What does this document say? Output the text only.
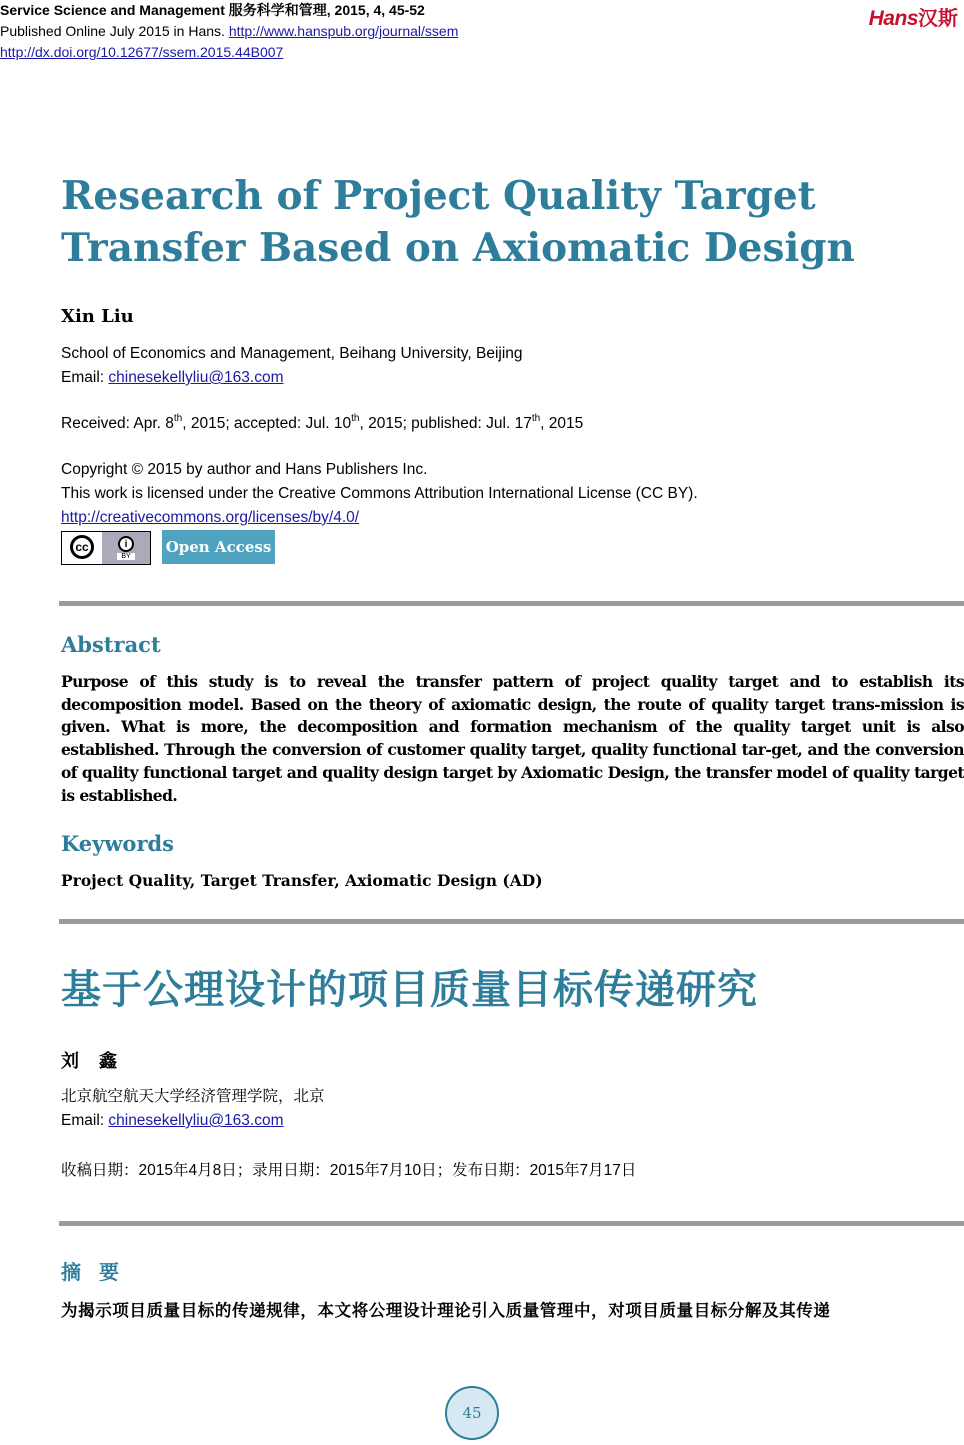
Service Science and Management 服务科学和管理, 2015, 4, 45-52
Published Online July 2015 in Hans. http://www.hanspub.org/journal/ssem
http://dx.doi.org/10.12677/ssem.2015.44B007
Hans汉斯
Research of Project Quality Target Transfer Based on Axiomatic Design

Xin Liu

School of Economics and Management, Beihang University, Beijing
Email: chinesekellyliu@163.com
Received: Apr. 8th, 2015; accepted: Jul. 10th, 2015; published: Jul. 17th, 2015
Copyright © 2015 by author and Hans Publishers Inc.
This work is licensed under the Creative Commons Attribution International License (CC BY).
http://creativecommons.org/licenses/by/4.0/
cc	i
BY
Open Access
Abstract

Purpose of this study is to reveal the transfer pattern of project quality target and to establish its decomposition model. Based on the theory of axiomatic design, the route of quality target trans-mission is given. What is more, the decomposition and formation mechanism of the quality target unit is also established. Through the conversion of customer quality target, quality functional tar-get, and the conversion of quality functional target and quality design target by Axiomatic Design, the transfer model of quality target is established.

Keywords

Project Quality, Target Transfer, Axiomatic Design (AD)

基于公理设计的项目质量目标传递研究

刘鑫

北京航空航天大学经济管理学院，北京
Email: chinesekellyliu@163.com
收稿日期：2015年4月8日；录用日期：2015年7月10日；发布日期：2015年7月17日
摘要

为揭示项目质量目标的传递规律，本文将公理设计理论引入质量管理中，对项目质量目标分解及其传递

45
